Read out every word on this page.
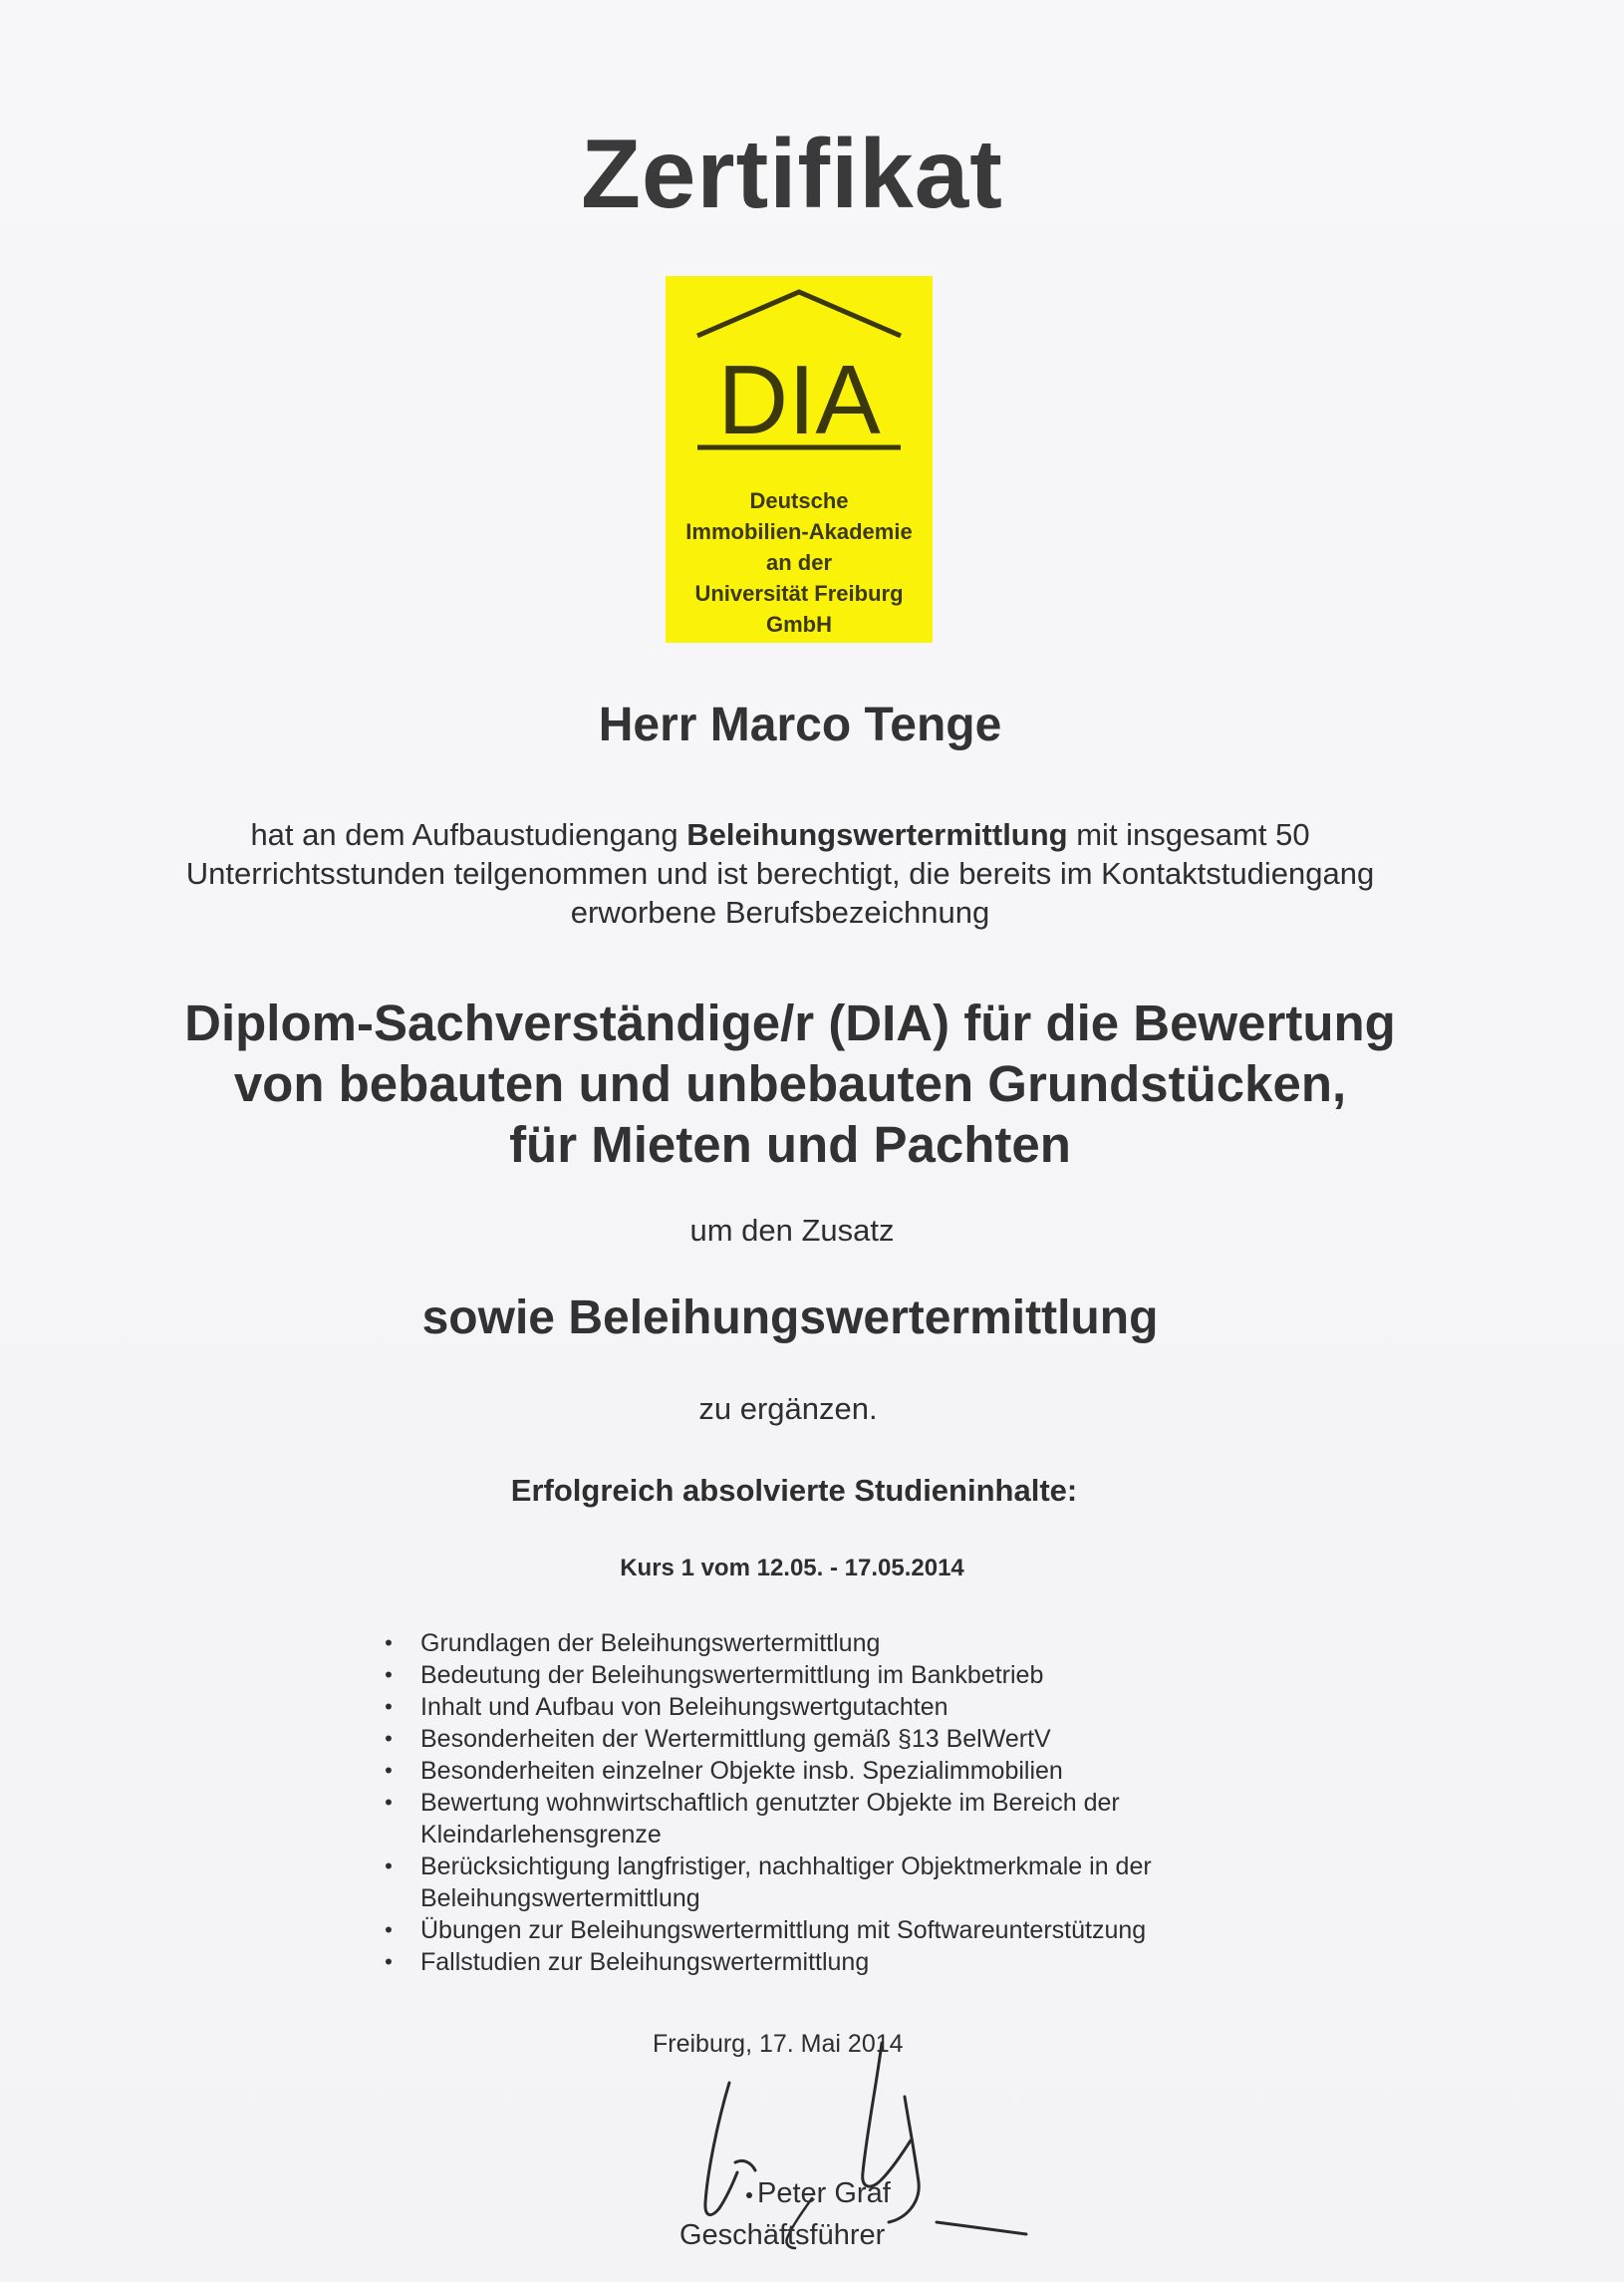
Zertifikat
DIA
Deutsche
Immobilien-Akademie
an der
Universität Freiburg
GmbH
Herr Marco Tenge
hat an dem Aufbaustudiengang Beleihungswertermittlung mit insgesamt 50
Unterrichtsstunden teilgenommen und ist berechtigt, die bereits im Kontaktstudiengang
erworbene Berufsbezeichnung
Diplom-Sachverständige/r (DIA) für die Bewertung
von bebauten und unbebauten Grundstücken,
für Mieten und Pachten
um den Zusatz
sowie Beleihungswertermittlung
zu ergänzen.
Erfolgreich absolvierte Studieninhalte:
Kurs 1 vom 12.05. - 17.05.2014
• Grundlagen der Beleihungswertermittlung
• Bedeutung der Beleihungswertermittlung im Bankbetrieb
• Inhalt und Aufbau von Beleihungswertgutachten
• Besonderheiten der Wertermittlung gemäß §13 BelWertV
• Besonderheiten einzelner Objekte insb. Spezialimmobilien
• Bewertung wohnwirtschaftlich genutzter Objekte im Bereich der Kleindarlehensgrenze
• Berücksichtigung langfristiger, nachhaltiger Objektmerkmale in der Beleihungswertermittlung
• Übungen zur Beleihungswertermittlung mit Softwareunterstützung
• Fallstudien zur Beleihungswertermittlung
Freiburg, 17. Mai 2014
Peter Graf
Geschäftsführer
